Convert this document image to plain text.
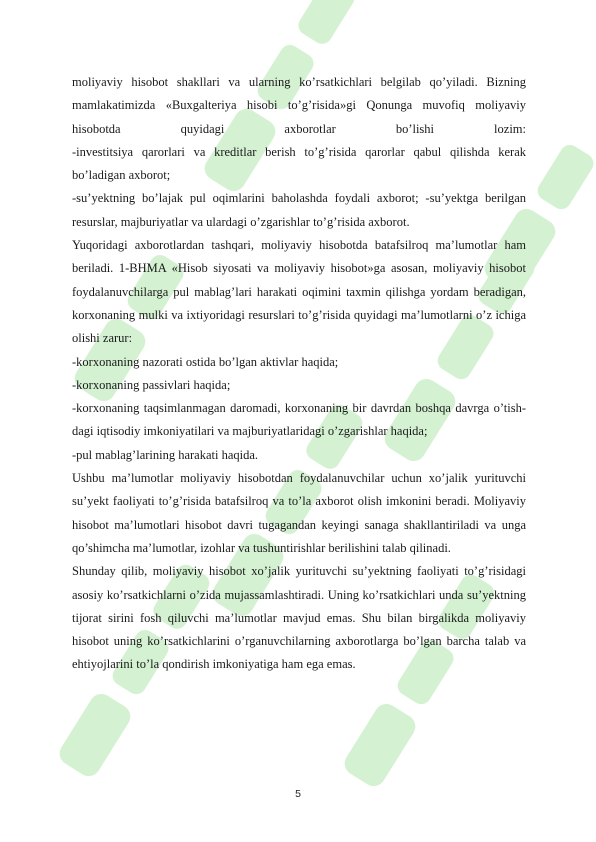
moliyaviy hisobot shakllari va ularning ko’rsatkichlari belgilab qo’yiladi. Bizning mamlakatimizda «Buxgalteriya hisobi to’g’risida»gi Qonunga muvofiq moliyaviy hisobotda quyidagi axborotlar bo’lishi lozim:

-investitsiya qarorlari va kreditlar berish to’g’risida qarorlar qabul qilishda kerak bo’ladigan axborot;

-su’yektning bo’lajak pul oqimlarini baholashda foydali axborot; -su’yektga berilgan resurslar, majburiyatlar va ulardagi o’zgarishlar to’g’risida axborot.

Yuqoridagi axborotlardan tashqari, moliyaviy hisobotda batafsilroq ma’lumotlar ham beriladi. 1-BHMA «Hisob siyosati va moliyaviy hisobot»ga asosan, moliyaviy hisobot foydalanuvchilarga pul mablag’lari harakati oqimini taxmin qilishga yordam beradigan, korxonaning mulki va ixtiyoridagi resurslari to’g’risida quyidagi ma’lumotlarni o’z ichiga olishi zarur:

-korxonaning nazorati ostida bo’lgan aktivlar haqida;

-korxonaning passivlari haqida;

-korxonaning taqsimlanmagan daromadi, korxonaning bir davrdan boshqa davrga o’tish-dagi iqtisodiy imkoniyatilari va majburiyatlaridagi o’zgarishlar haqida;

-pul mablag’larining harakati haqida.

Ushbu ma’lumotlar moliyaviy hisobotdan foydalanuvchilar uchun xo’jalik yurituvchi su’yekt faoliyati to’g’risida batafsilroq va to’la axborot olish imkonini beradi. Moliyaviy hisobot ma’lumotlari hisobot davri tugagandan keyingi sanaga shakllantiriladi va unga qo’shimcha ma’lumotlar, izohlar va tushuntirishlar berilishini talab qilinadi.

Shunday qilib, moliyaviy hisobot xo’jalik yurituvchi su’yektning faoliyati to’g’risidagi asosiy ko’rsatkichlarni o’zida mujassamlashtiradi. Uning ko’rsatkichlari unda su’yektning tijorat sirini fosh qiluvchi ma’lumotlar mavjud emas. Shu bilan birgalikda moliyaviy hisobot uning ko’rsatkichlarini o’rganuvchilarning axborotlarga bo’lgan barcha talab va ehtiyojlarini to’la qondirish imkoniyatiga ham ega emas.

5
